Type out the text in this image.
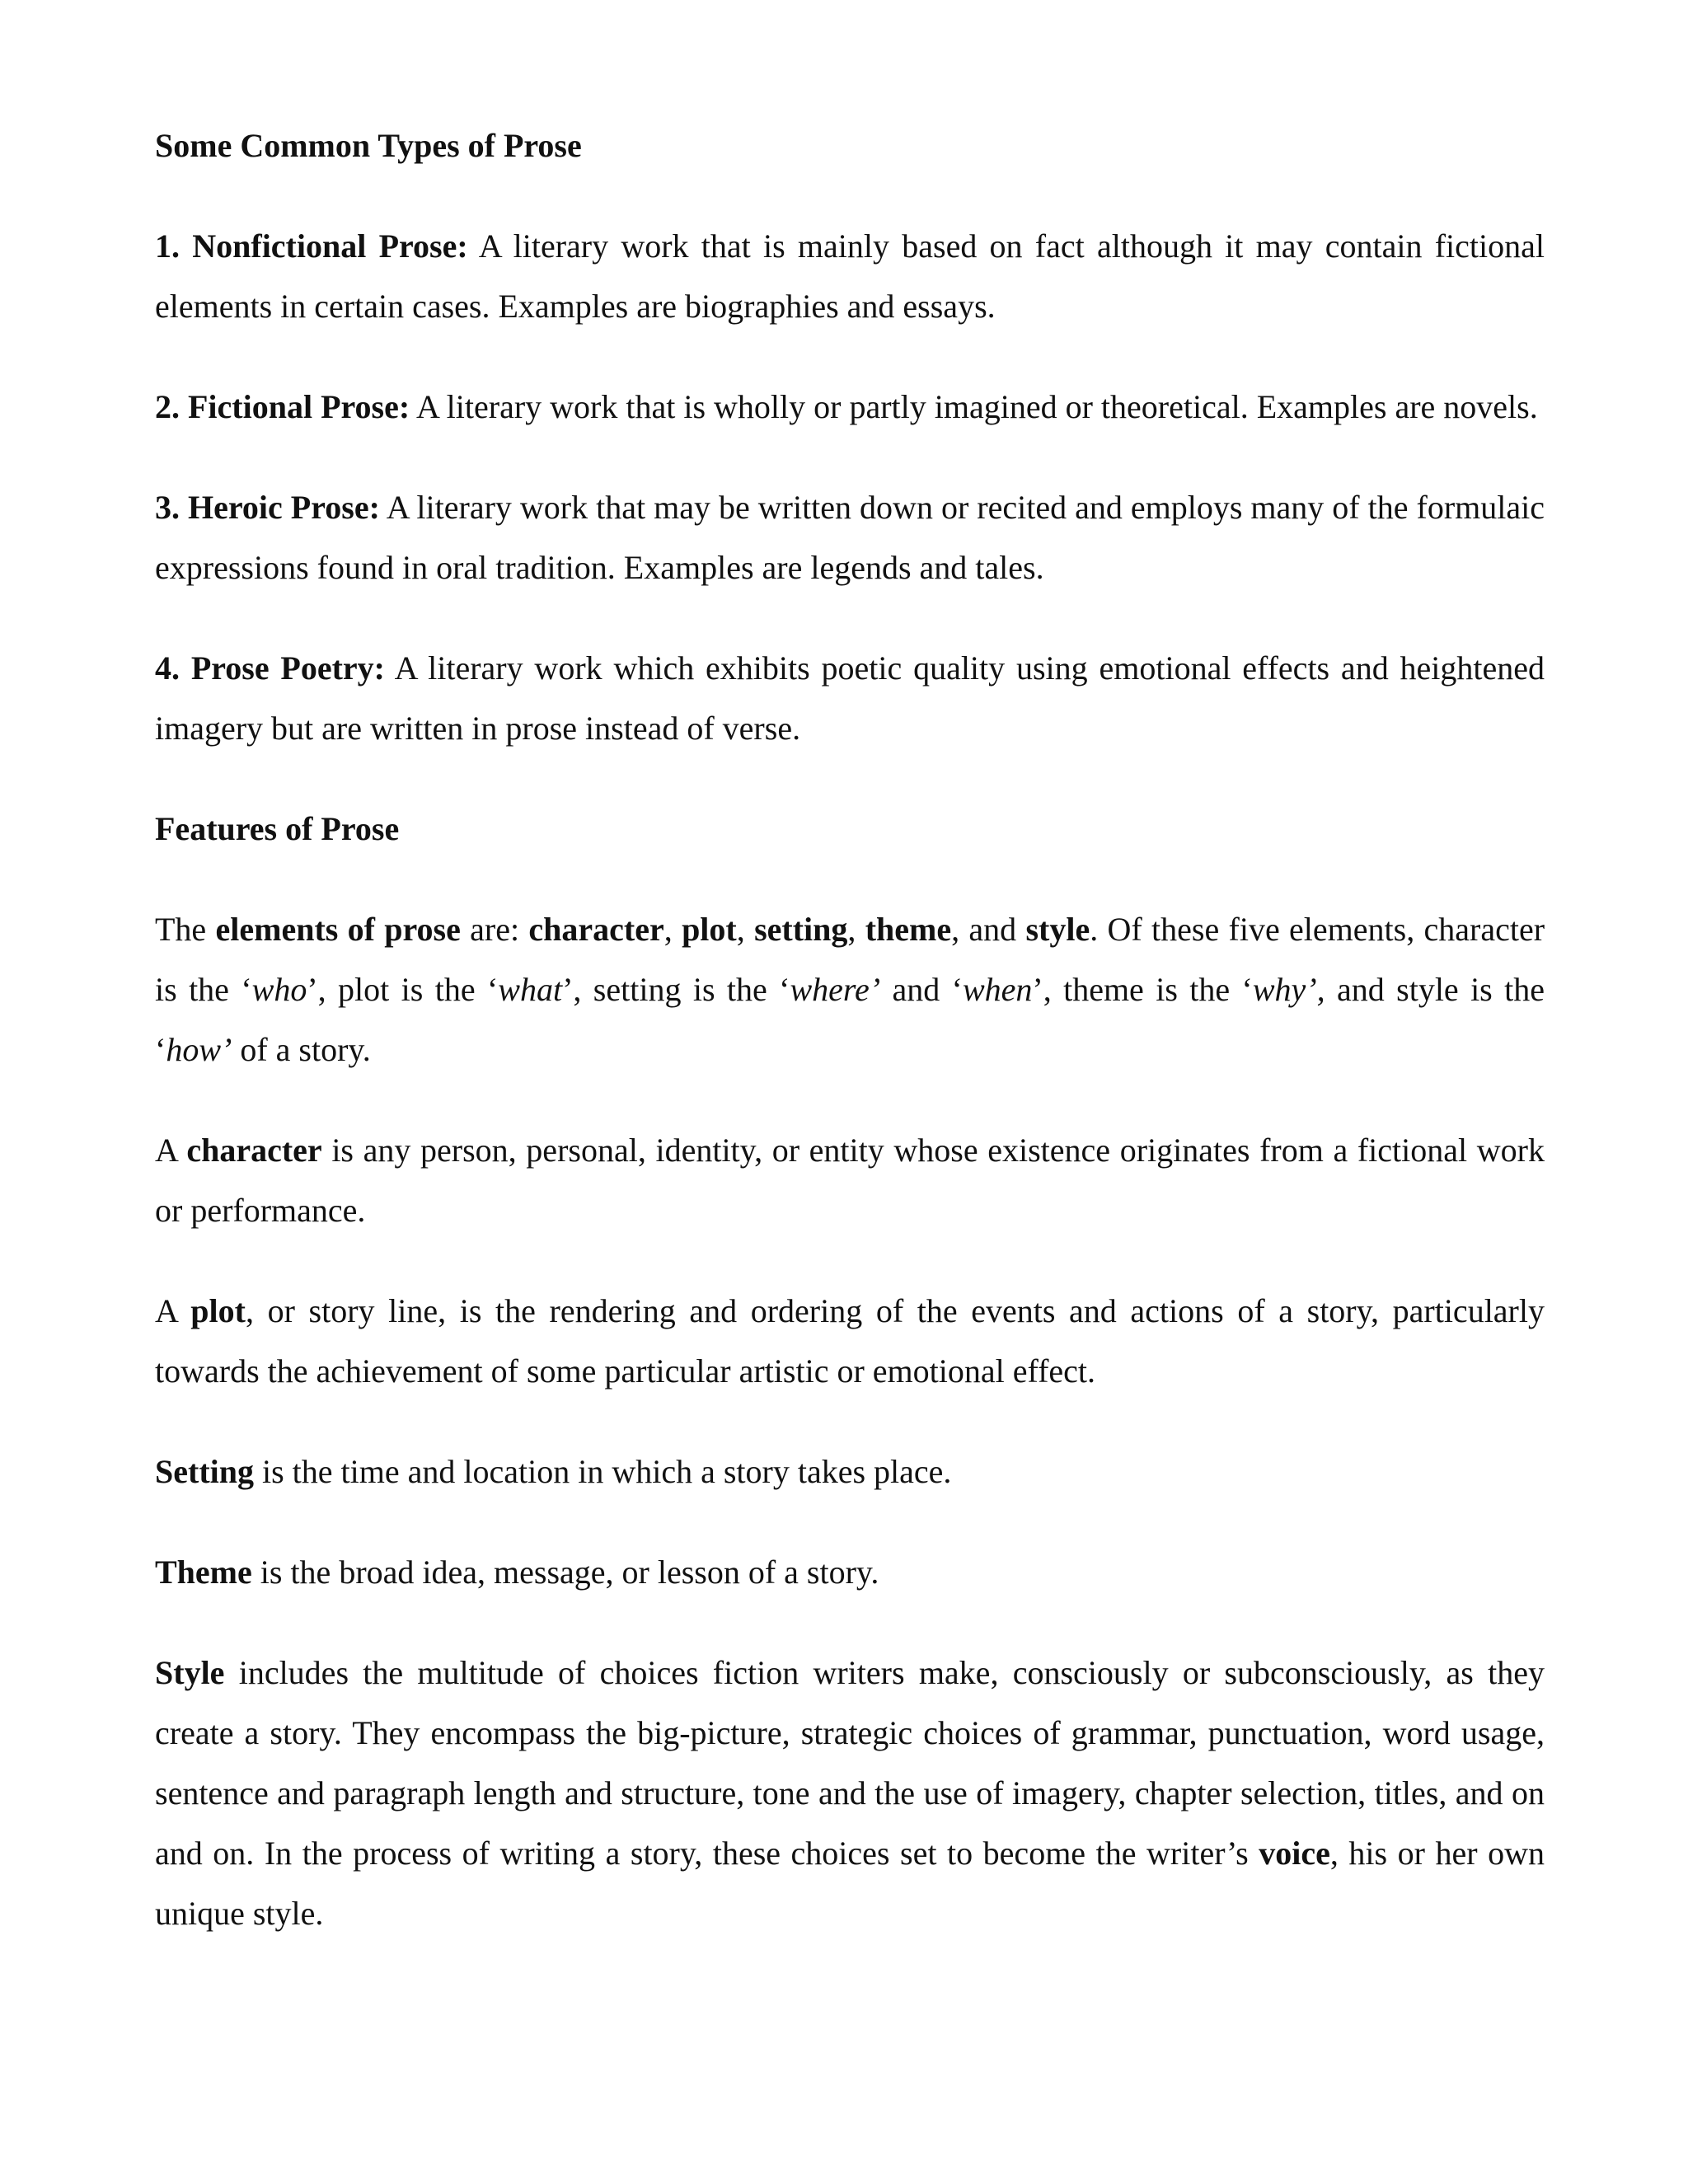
Some Common Types of Prose

1. Nonfictional Prose: A literary work that is mainly based on fact although it may contain fictional elements in certain cases. Examples are biographies and essays.

2. Fictional Prose: A literary work that is wholly or partly imagined or theoretical. Examples are novels.

3. Heroic Prose: A literary work that may be written down or recited and employs many of the formulaic expressions found in oral tradition. Examples are legends and tales.

4. Prose Poetry: A literary work which exhibits poetic quality using emotional effects and heightened imagery but are written in prose instead of verse.

Features of Prose

The elements of prose are: character, plot, setting, theme, and style. Of these five elements, character is the ‘who’, plot is the ‘what’, setting is the ‘where’ and ‘when’, theme is the ‘why’, and style is the ‘how’ of a story.

A character is any person, personal, identity, or entity whose existence originates from a fictional work or performance.

A plot, or story line, is the rendering and ordering of the events and actions of a story, particularly towards the achievement of some particular artistic or emotional effect.

Setting is the time and location in which a story takes place.

Theme is the broad idea, message, or lesson of a story.

Style includes the multitude of choices fiction writers make, consciously or subconsciously, as they create a story. They encompass the big-picture, strategic choices of grammar, punctuation, word usage, sentence and paragraph length and structure, tone and the use of imagery, chapter selection, titles, and on and on. In the process of writing a story, these choices set to become the writer’s voice, his or her own unique style.
